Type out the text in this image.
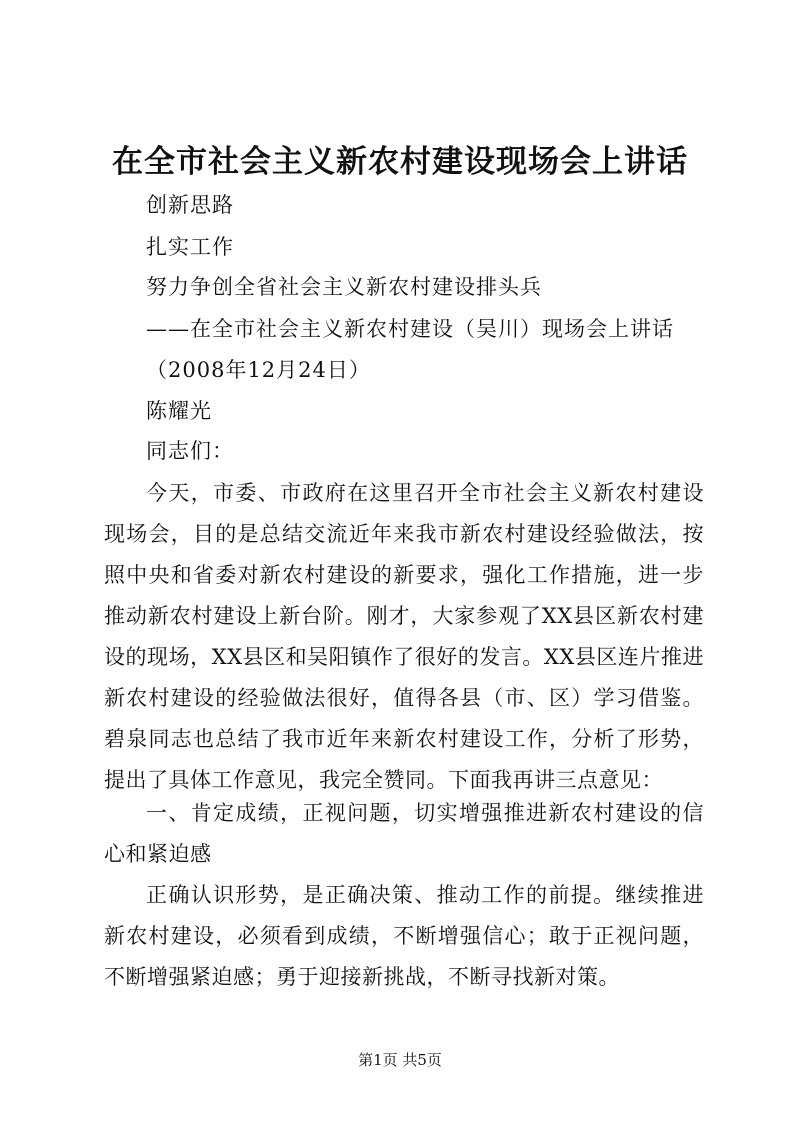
在全市社会主义新农村建设现场会上讲话
创新思路
扎实工作
努力争创全省社会主义新农村建设排头兵
——在全市社会主义新农村建设（吴川）现场会上讲话
（2008年12月24日）
陈耀光
同志们：

今天，市委、市政府在这里召开全市社会主义新农村建设现场会，目的是总结交流近年来我市新农村建设经验做法，按照中央和省委对新农村建设的新要求，强化工作措施，进一步推动新农村建设上新台阶。刚才，大家参观了XX县区新农村建设的现场，XX县区和吴阳镇作了很好的发言。XX县区连片推进新农村建设的经验做法很好，值得各县（市、区）学习借鉴。碧泉同志也总结了我市近年来新农村建设工作，分析了形势，提出了具体工作意见，我完全赞同。下面我再讲三点意见：

一、肯定成绩，正视问题，切实增强推进新农村建设的信心和紧迫感

正确认识形势，是正确决策、推动工作的前提。继续推进新农村建设，必须看到成绩，不断增强信心；敢于正视问题，不断增强紧迫感；勇于迎接新挑战，不断寻找新对策。

第1页 共5页
